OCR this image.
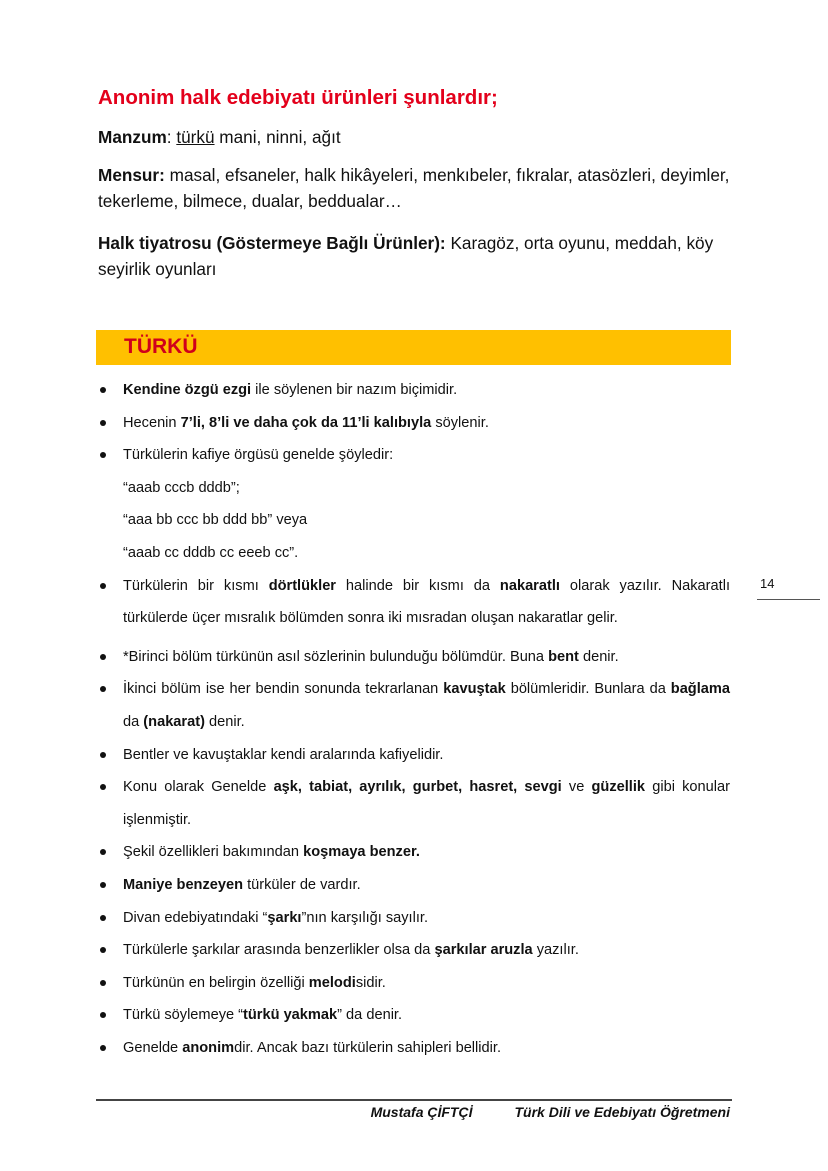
Anonim halk edebiyatı ürünleri şunlardır;
Manzum: türkü mani, ninni, ağıt
Mensur: masal, efsaneler, halk hikâyeleri, menkıbeler, fıkralar, atasözleri, deyimler, tekerleme, bilmece, dualar, beddualar…
Halk tiyatrosu (Göstermeye Bağlı Ürünler): Karagöz, orta oyunu, meddah, köy seyirlik oyunları
TÜRKÜ
Kendine özgü ezgi ile söylenen bir nazım biçimidir.
Hecenin 7’li, 8’li ve daha çok da 11’li kalıbıyla söylenir.
Türkülerin kafiye örgüsü genelde şöyledir:
“aaab cccb dddb”;
“aaa bb ccc bb ddd bb” veya
“aaab cc dddb cc eeeb cc”.
Türkülerin bir kısmı dörtlükler halinde bir kısmı da nakaratlı olarak yazılır. Nakaratlı türkülerde üçer mısralık bölümden sonra iki mısradan oluşan nakaratlar gelir.
*Birinci bölüm türkünün asıl sözlerinin bulunduğu bölümdür. Buna bent denir.
İkinci bölüm ise her bendin sonunda tekrarlanan kavuştak bölümleridir. Bunlara da bağlama da (nakarat) denir.
Bentler ve kavuştaklar kendi aralarında kafiyelidir.
Konu olarak Genelde aşk, tabiat, ayrılık, gurbet, hasret, sevgi ve güzellik gibi konular işlenmiştir.
Şekil özellikleri bakımından koşmaya benzer.
Maniye benzeyen türküler de vardır.
Divan edebiyatındaki “şarkı”nın karşılığı sayılır.
Türkülerle şarkılar arasında benzerlikler olsa da şarkılar aruzla yazılır.
Türkünün en belirgin özelliği melodisidir.
Türkü söylemeye “türkü yakmak” da denir.
Genelde anonimdir. Ancak bazı türkülerin sahipleri bellidir.
14
Mustafa ÇİFTÇİ	Türk Dili ve Edebiyatı Öğretmeni
